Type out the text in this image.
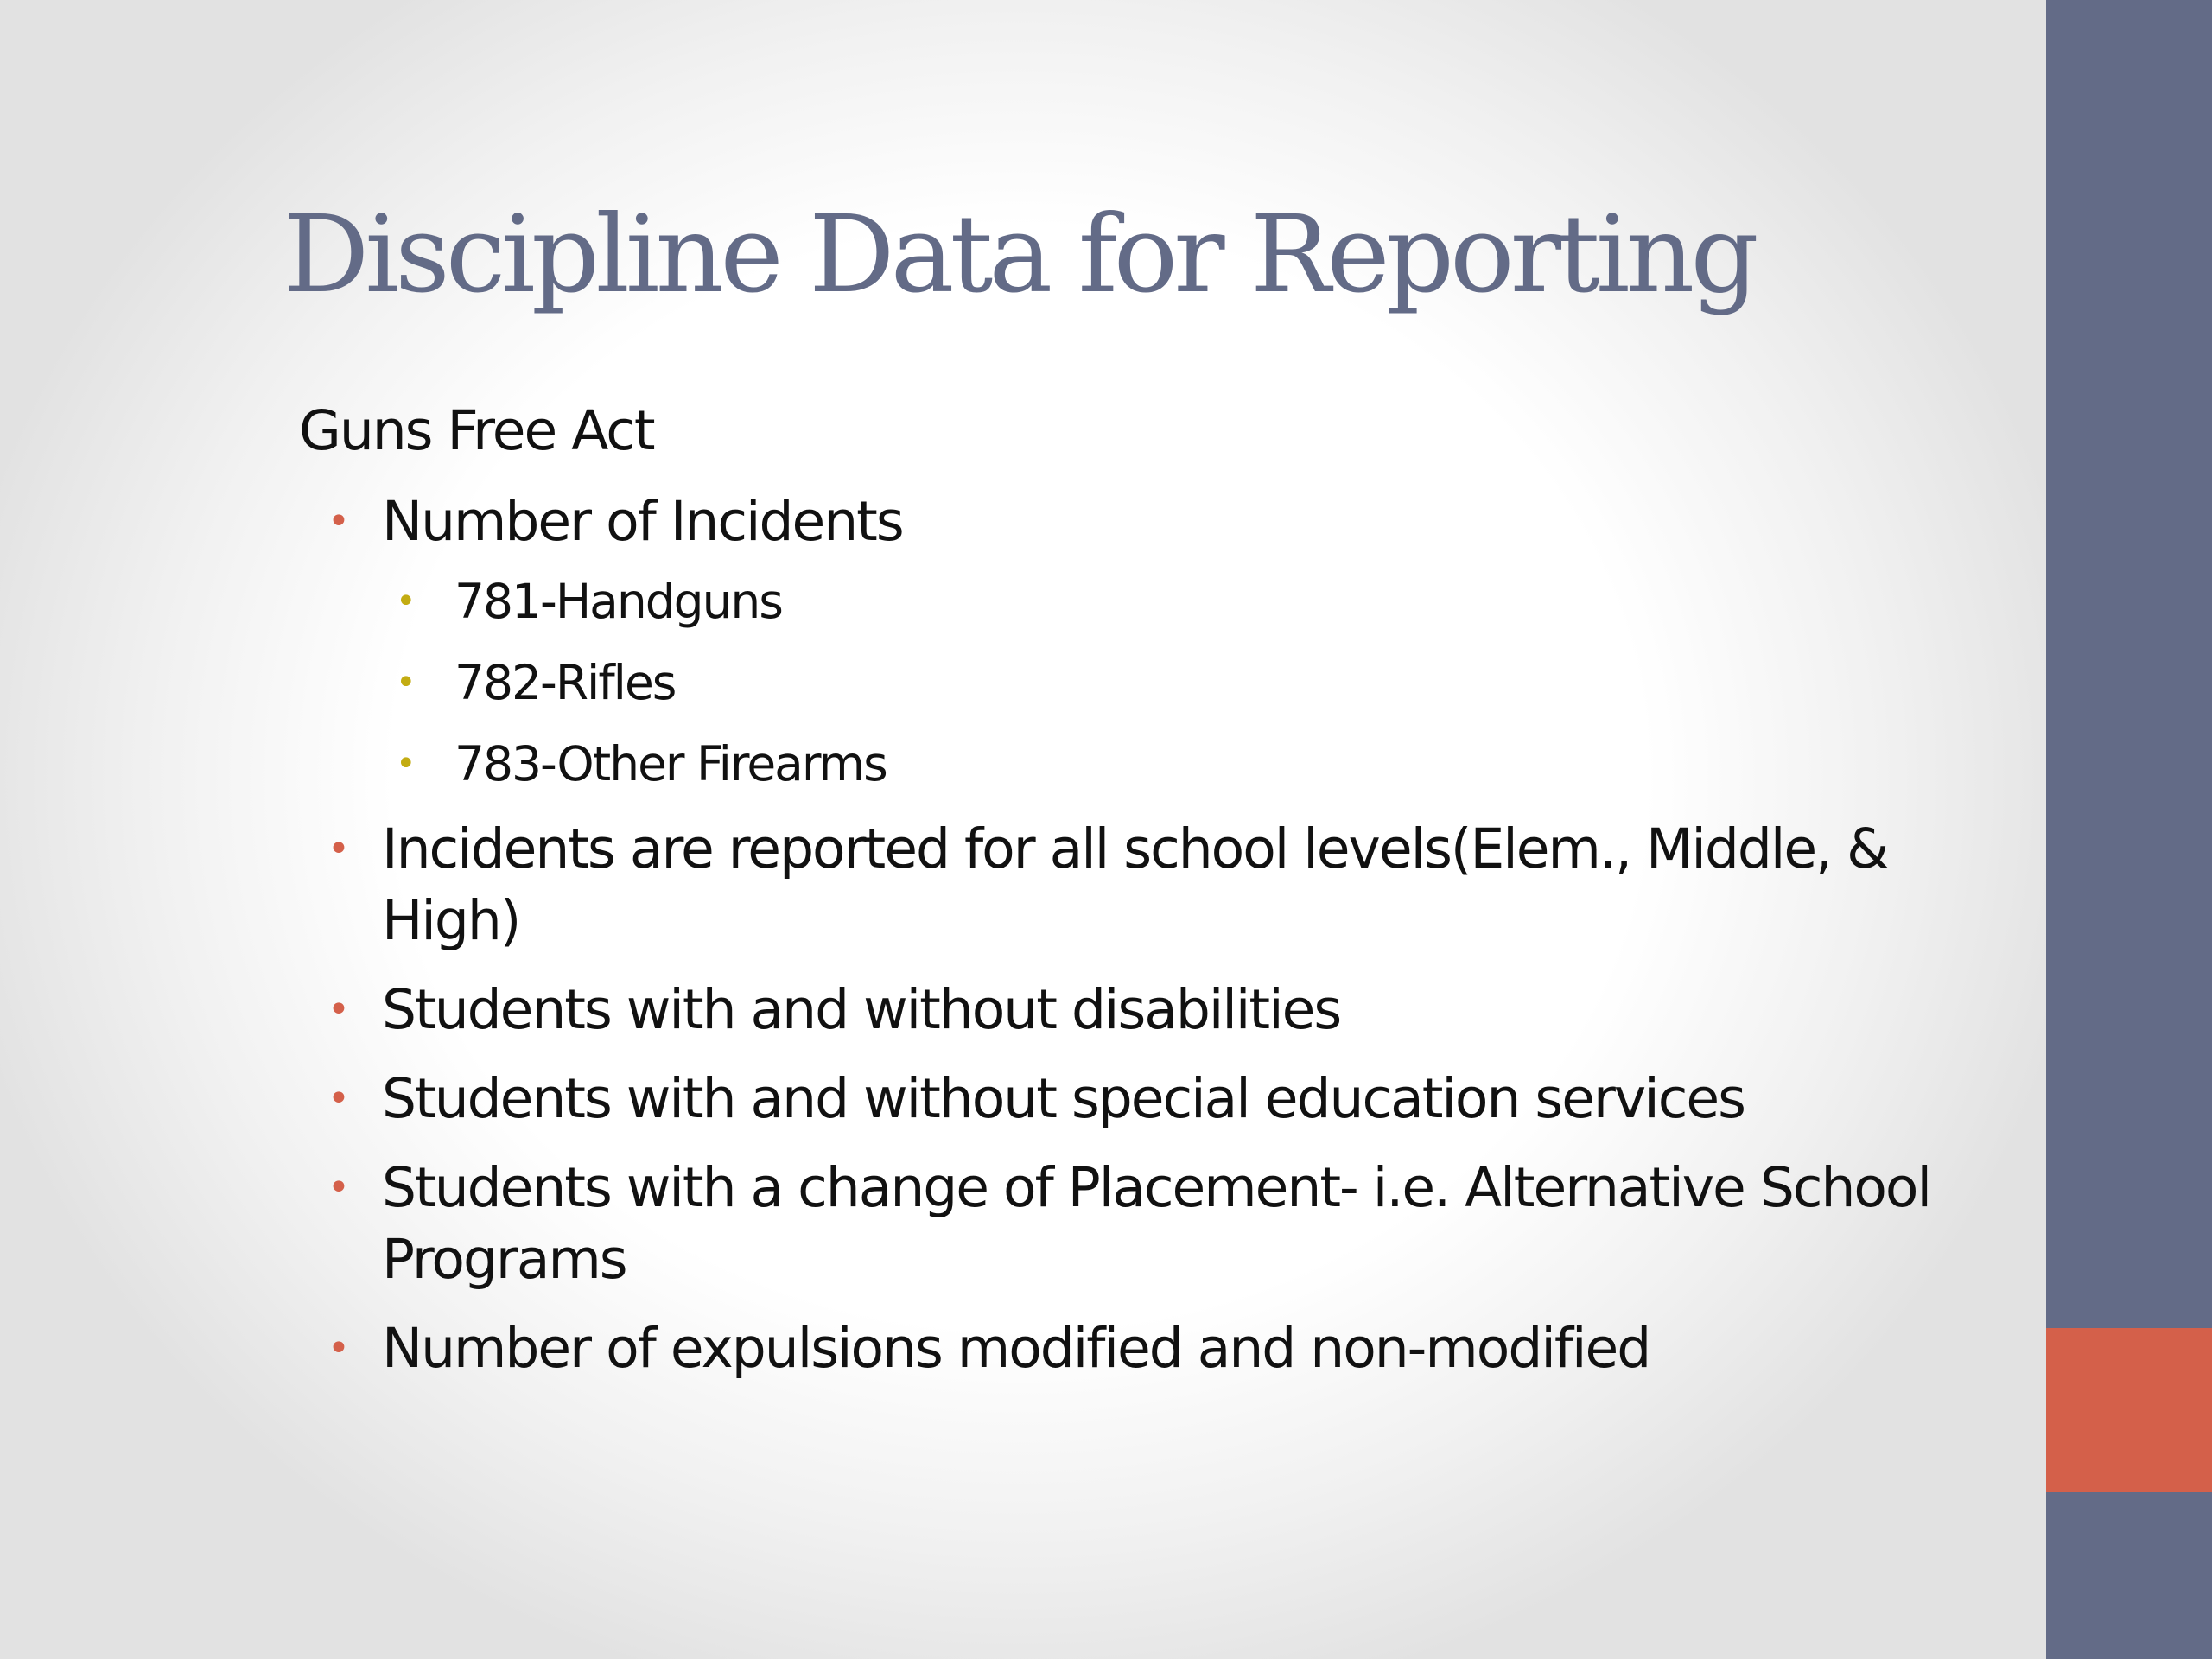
Discipline Data for Reporting
Guns Free Act
• Number of Incidents
• 781-Handguns
• 782-Rifles
• 783-Other Firearms
• Incidents are reported for all school levels(Elem., Middle, & High)
• Students with and without disabilities
• Students with and without special education services
• Students with a change of Placement- i.e. Alternative School Programs
• Number of expulsions modified and non-modified
